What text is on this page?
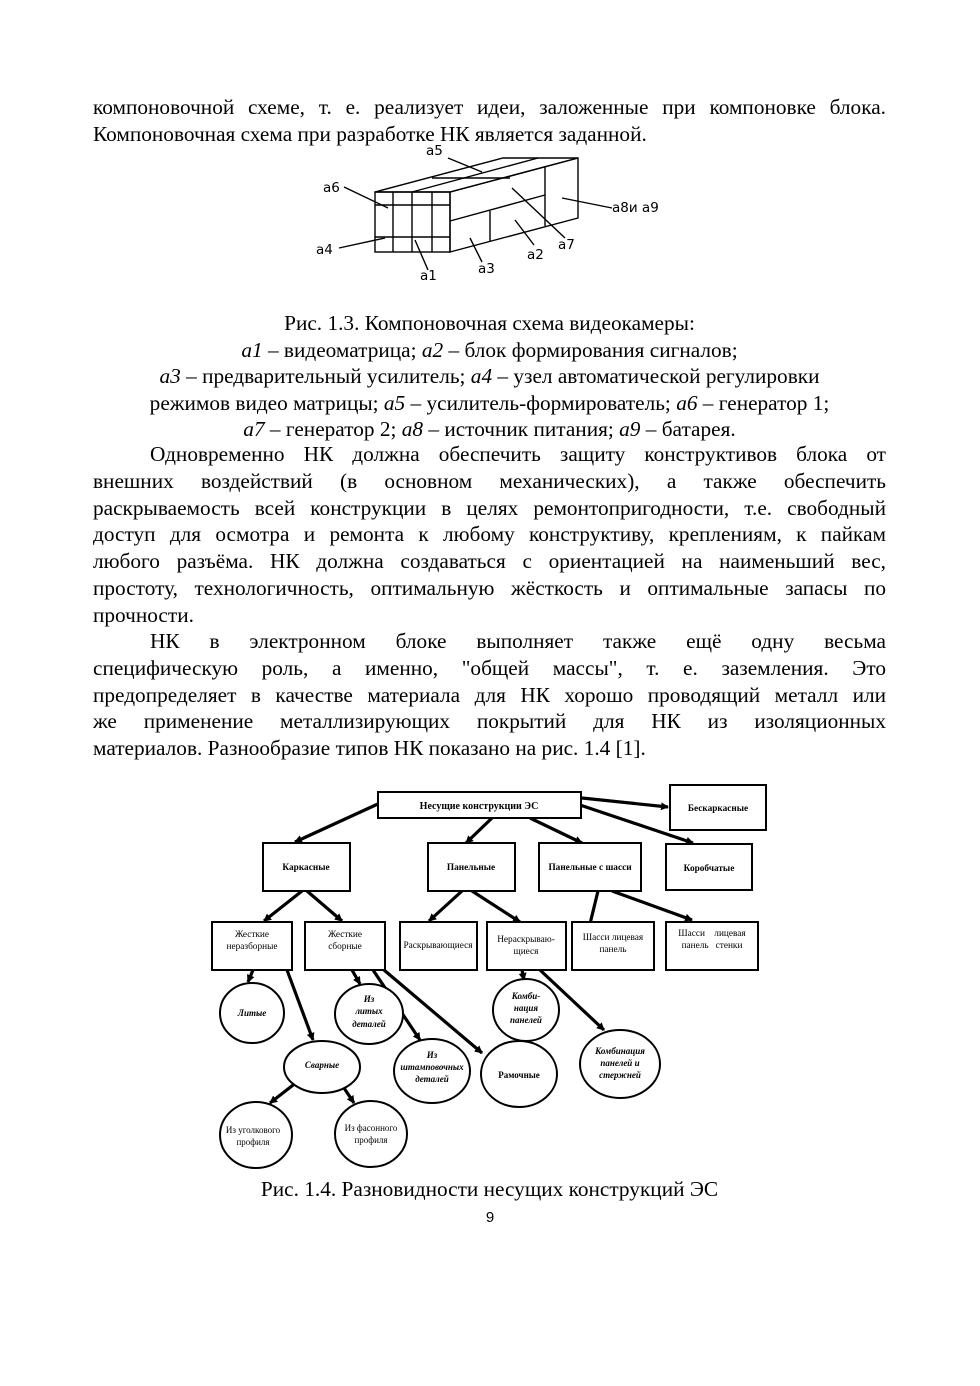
компоновочной схеме, т. е. реализует идеи, заложенные при компоновке блока.
Компоновочная схема при разработке НК является заданной.
a6
a4
a1
a5
a3
a2
a7
a8и a9
Рис. 1.3. Компоновочная схема видеокамеры:
a1 – видеоматрица; a2 – блок формирования сигналов;
a3 – предварительный усилитель; a4 – узел автоматической регулировки
режимов видео матрицы; a5 – усилитель-формирователь; a6 – генератор 1;
a7 – генератор 2; a8 – источник питания; a9 – батарея.
Одновременно НК должна обеспечить защиту конструктивов блока от
внешних воздействий (в основном механических), а также обеспечить
раскрываемость всей конструкции в целях ремонтопригодности, т.е. свободный
доступ для осмотра и ремонта к любому конструктиву, креплениям, к пайкам
любого разъёма. НК должна создаваться с ориентацией на наименьший вес,
простоту, технологичность, оптимальную жёсткость и оптимальные запасы по
прочности.
НК в электронном блоке выполняет также ещё одну весьма
специфическую роль, а именно, "общей массы", т. е. заземления. Это
предопределяет в качестве материала для НК хорошо проводящий металл или
же применение металлизирующих покрытий для НК из изоляционных
материалов. Разнообразие типов НК показано на рис. 1.4 [1].
Несущие конструкции ЭС	Бескаркасные
Каркасные	Панельные	Панельные с шасси	Коробчатые
Жесткие
неразборные
Жесткие
сборные	Раскрывающиеся
Нераскрываю-
щиеся
Шасси лицевая
панель
Шасси    лицевая
панель   стенки
Литые
Из
литых
деталей
Сварные
Из
штамповочных
деталей
Комби-
нация
панелей
Комбинация
панелей и
стержней
Рамочные
Из уголкового
профиля
Из фасонного
профиля
Рис. 1.4. Разновидности несущих конструкций ЭС
9
